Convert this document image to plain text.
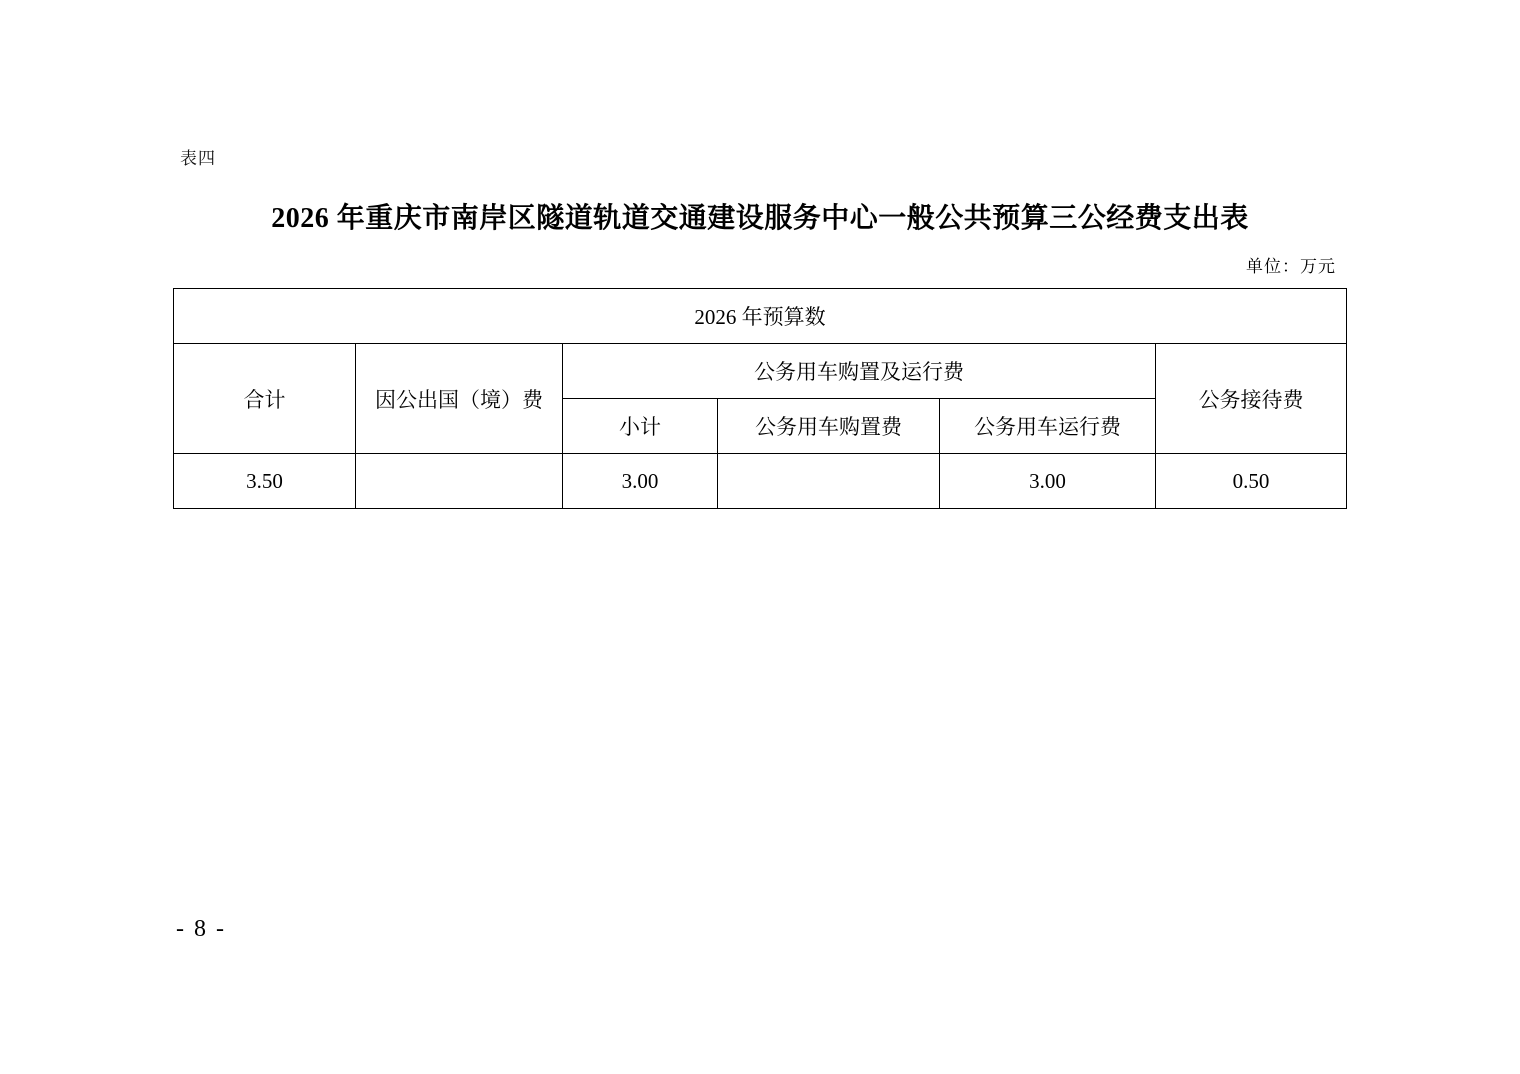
表四
2026 年重庆市南岸区隧道轨道交通建设服务中心一般公共预算三公经费支出表
单位：万元
2026 年预算数					
合计	因公出国（境）费	公务用车购置及运行费			公务接待费
		小计	公务用车购置费	公务用车运行费	
3.50		3.00		3.00	0.50
- 8 -
